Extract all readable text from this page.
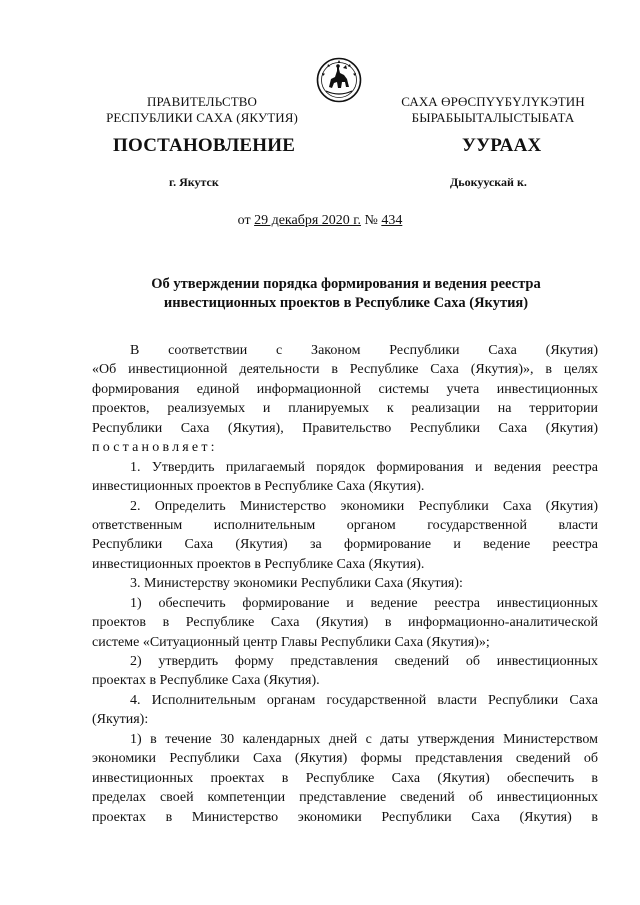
ПРАВИТЕЛЬСТВО
РЕСПУБЛИКИ САХА (ЯКУТИЯ)
САХА ӨРӨСПҮҮБҮЛҮКЭТИН
БЫРАБЫЫТАЛЫСТЫБАТА
ПОСТАНОВЛЕНИЕ	УУРААХ
г. Якутск	Дьокуускай к.
от 29 декабря 2020 г. № 434
Об утверждении порядка формирования и ведения реестра
инвестиционных проектов в Республике Саха (Якутия)
В соответствии с Законом Республики Саха (Якутия)
«Об инвестиционной деятельности в Республике Саха (Якутия)», в целях
формирования единой информационной системы учета инвестиционных
проектов, реализуемых и планируемых к реализации на территории
Республики Саха (Якутия), Правительство Республики Саха (Якутия)
постановляет:
1. Утвердить прилагаемый порядок формирования и ведения реестра
инвестиционных проектов в Республике Саха (Якутия).
2. Определить Министерство экономики Республики Саха (Якутия)
ответственным исполнительным органом государственной власти
Республики Саха (Якутия) за формирование и ведение реестра
инвестиционных проектов в Республике Саха (Якутия).
3. Министерству экономики Республики Саха (Якутия):
1) обеспечить формирование и ведение реестра инвестиционных
проектов в Республике Саха (Якутия) в информационно-аналитической
системе «Ситуационный центр Главы Республики Саха (Якутия)»;
2) утвердить форму представления сведений об инвестиционных
проектах в Республике Саха (Якутия).
4. Исполнительным органам государственной власти Республики Саха
(Якутия):
1) в течение 30 календарных дней с даты утверждения Министерством
экономики Республики Саха (Якутия) формы представления сведений об
инвестиционных проектах в Республике Саха (Якутия) обеспечить в
пределах своей компетенции представление сведений об инвестиционных
проектах в Министерство экономики Республики Саха (Якутия) в
